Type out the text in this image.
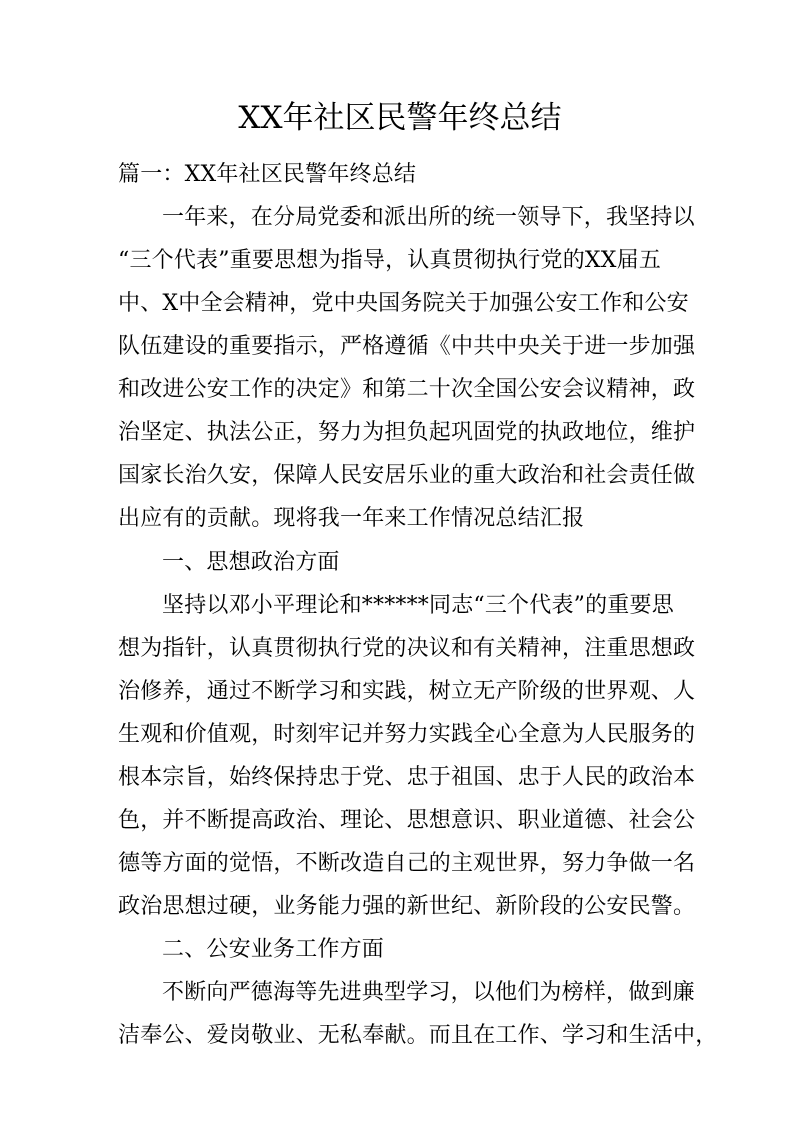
XX年社区民警年终总结
篇一：XX年社区民警年终总结
一年来，在分局党委和派出所的统一领导下，我坚持以
“三个代表”重要思想为指导，认真贯彻执行党的XX届五
中、X中全会精神，党中央国务院关于加强公安工作和公安
队伍建设的重要指示，严格遵循《中共中央关于进一步加强
和改进公安工作的决定》和第二十次全国公安会议精神，政
治坚定、执法公正，努力为担负起巩固党的执政地位，维护
国家长治久安，保障人民安居乐业的重大政治和社会责任做
出应有的贡献。现将我一年来工作情况总结汇报
一、思想政治方面
坚持以邓小平理论和******同志“三个代表”的重要思
想为指针，认真贯彻执行党的决议和有关精神，注重思想政
治修养，通过不断学习和实践，树立无产阶级的世界观、人
生观和价值观，时刻牢记并努力实践全心全意为人民服务的
根本宗旨，始终保持忠于党、忠于祖国、忠于人民的政治本
色，并不断提高政治、理论、思想意识、职业道德、社会公
德等方面的觉悟，不断改造自己的主观世界，努力争做一名
政治思想过硬，业务能力强的新世纪、新阶段的公安民警。
二、公安业务工作方面
不断向严德海等先进典型学习，以他们为榜样，做到廉
洁奉公、爱岗敬业、无私奉献。而且在工作、学习和生活中，
